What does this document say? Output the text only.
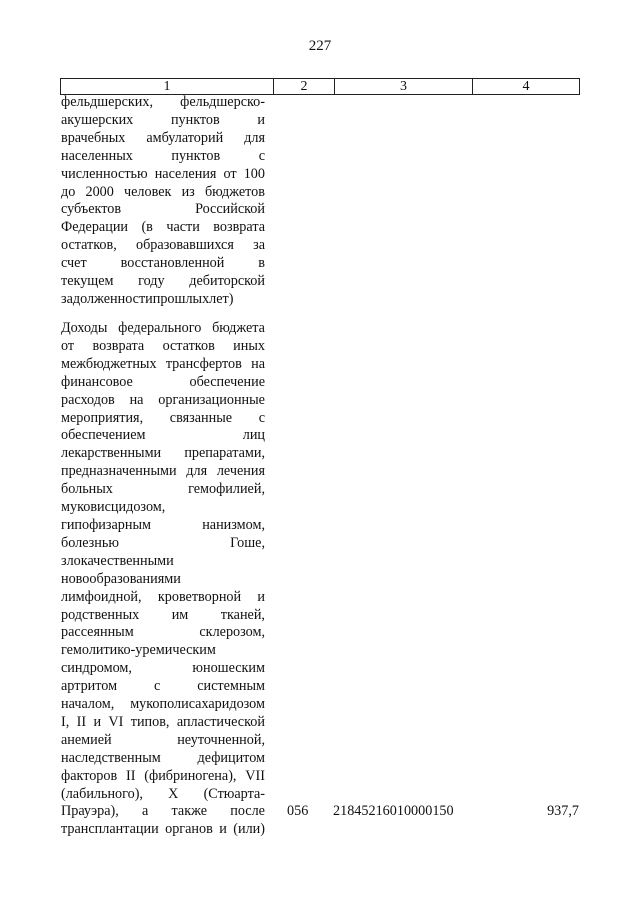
227
1	2	3	4
фельдшерских, фельдшерско-
акушерских	пунктов	и
врачебных амбулаторий для
населенных	пунктов	с
численностью населения от 100
до 2000 человек из бюджетов
субъектов	Российской
Федерации (в части возврата
остатков, образовавшихся за
счет восстановленной в
текущем году дебиторской
задолженности прошлых лет)
Доходы федерального бюджета
от возврата остатков иных
межбюджетных трансфертов на
финансовое	обеспечение
расходов на организационные
мероприятия, связанные с
обеспечением	лиц
лекарственными препаратами,
предназначенными для лечения
больных	гемофилией,
муковисцидозом,
гипофизарным	нанизмом,
болезнью	Гоше,
злокачественными
новообразованиями
лимфоидной, кроветворной и
родственных им тканей,
рассеянным	склерозом,
гемолитико-уремическим
синдромом,	юношеским
артритом	с	системным
началом, мукополисахаридозом
I, II и VI типов, апластической
анемией	неуточненной,
наследственным	дефицитом
факторов II (фибриногена), VII
(лабильного), X (Стюарта-
Прауэра), а также после
трансплантации органов и (или)
056 21845216010000150	937,7
